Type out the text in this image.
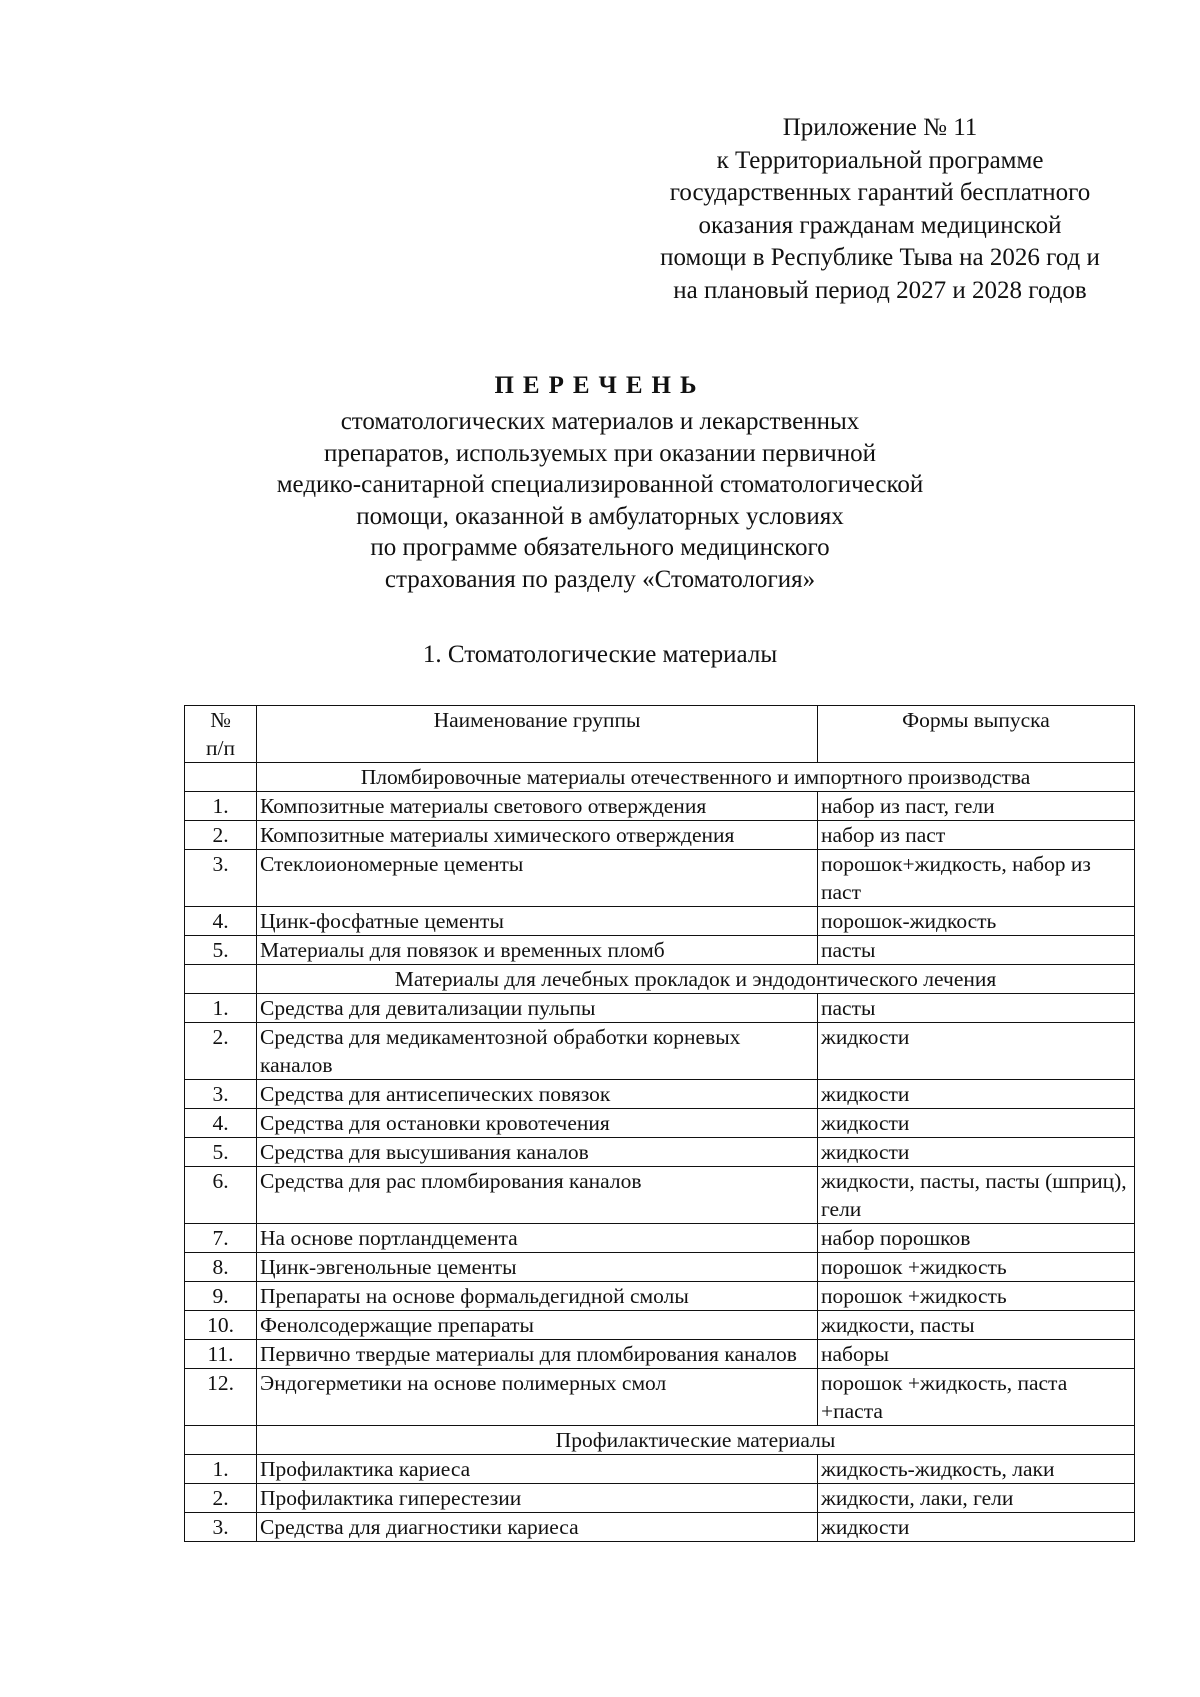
Приложение № 11
к Территориальной программе
государственных гарантий бесплатного
оказания гражданам медицинской
помощи в Республике Тыва на 2026 год и
на плановый период 2027 и 2028 годов
ПЕРЕЧЕНЬ
стоматологических материалов и лекарственных
препаратов, используемых при оказании первичной
медико-санитарной специализированной стоматологической
помощи, оказанной в амбулаторных условиях
по программе обязательного медицинского
страхования по разделу «Стоматология»
1. Стоматологические материалы
№
п/п	Наименование группы	Формы выпуска
	Пломбировочные материалы отечественного и импортного производства	
1.	Композитные материалы светового отверждения	набор из паст, гели
2.	Композитные материалы химического отверждения	набор из паст
3.	Стеклоиономерные цементы	порошок+жидкость, набор из паст
4.	Цинк-фосфатные цементы	порошок-жидкость
5.	Материалы для повязок и временных пломб	пасты
	Материалы для лечебных прокладок и эндодонтического лечения	
1.	Средства для девитализации пульпы	пасты
2.	Средства для медикаментозной обработки корневых каналов	жидкости
3.	Средства для антисепических повязок	жидкости
4.	Средства для остановки кровотечения	жидкости
5.	Средства для высушивания каналов	жидкости
6.	Средства для рас пломбирования каналов	жидкости, пасты, пасты (шприц), гели
7.	На основе портландцемента	набор порошков
8.	Цинк-эвгенольные цементы	порошок +жидкость
9.	Препараты на основе формальдегидной смолы	порошок +жидкость
10.	Фенолсодержащие препараты	жидкости, пасты
11.	Первично твердые материалы для пломбирования каналов	наборы
12.	Эндогерметики на основе полимерных смол	порошок +жидкость, паста +паста
	Профилактические материалы	
1.	Профилактика кариеса	жидкость-жидкость, лаки
2.	Профилактика гиперестезии	жидкости, лаки, гели
3.	Средства для диагностики кариеса	жидкости
